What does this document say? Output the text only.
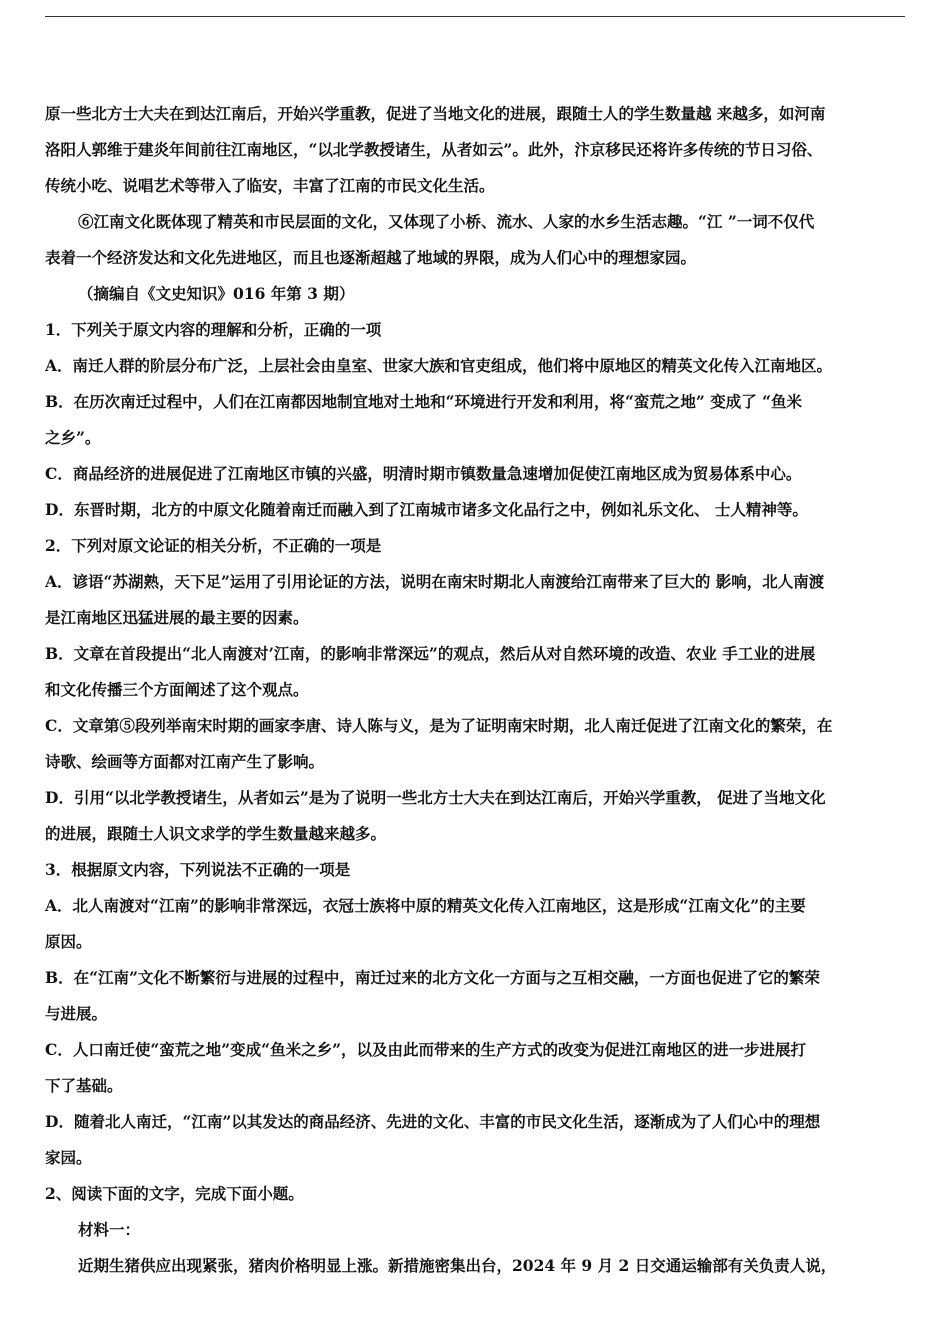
原一些北方士大夫在到达江南后，开始兴学重教，促进了当地文化的进展，跟随士人的学生数量越 来越多，如河南
洛阳人郭维于建炎年间前往江南地区，“以北学教授诸生，从者如云”。此外，汴京移民还将许多传统的节日习俗、
传统小吃、说唱艺术等带入了临安，丰富了江南的市民文化生活。
⑥江南文化既体现了精英和市民层面的文化，又体现了小桥、流水、人家的水乡生活志趣。“江 ”一词不仅代
表着一个经济发达和文化先进地区，而且也逐渐超越了地域的界限，成为人们心中的理想家园。
（摘编自《文史知识》016 年第 3 期）
1．下列关于原文内容的理解和分析，正确的一项
A．南迁人群的阶层分布广泛，上层社会由皇室、世家大族和官吏组成，他们将中原地区的精英文化传入江南地区。
B．在历次南迁过程中，人们在江南都因地制宜地对土地和“环境进行开发和利用，将“蛮荒之地” 变成了 “鱼米
之乡”。
C．商品经济的进展促进了江南地区市镇的兴盛，明清时期市镇数量急速增加促使江南地区成为贸易体系中心。
D．东晋时期，北方的中原文化随着南迁而融入到了江南城市诸多文化品行之中，例如礼乐文化、 士人精神等。
2．下列对原文论证的相关分析，不正确的一项是
A．谚语“苏湖熟，天下足”运用了引用论证的方法，说明在南宋时期北人南渡给江南带来了巨大的 影响，北人南渡
是江南地区迅猛进展的最主要的因素。
B．文章在首段提出“北人南渡对’江南，的影响非常深远”的观点，然后从对自然环境的改造、农业 手工业的进展
和文化传播三个方面阐述了这个观点。
C．文章第⑤段列举南宋时期的画家李唐、诗人陈与义，是为了证明南宋时期，北人南迁促进了江南文化的繁荣，在
诗歌、绘画等方面都对江南产生了影响。
D．引用“以北学教授诸生，从者如云”是为了说明一些北方士大夫在到达江南后，开始兴学重教， 促进了当地文化
的进展，跟随士人识文求学的学生数量越来越多。
3．根据原文内容，下列说法不正确的一项是
A．北人南渡对“江南”的影响非常深远，衣冠士族将中原的精英文化传入江南地区，这是形成“江南文化”的主要
原因。
B．在“江南”文化不断繁衍与进展的过程中，南迁过来的北方文化一方面与之互相交融，一方面也促进了它的繁荣
与进展。
C．人口南迁使“蛮荒之地”变成“鱼米之乡”，以及由此而带来的生产方式的改变为促进江南地区的进一步进展打
下了基础。
D．随着北人南迁，“江南”以其发达的商品经济、先进的文化、丰富的市民文化生活，逐渐成为了人们心中的理想
家园。
2、阅读下面的文字，完成下面小题。
材料一：
近期生猪供应出现紧张，猪肉价格明显上涨。新措施密集出台，2024 年 9 月 2 日交通运输部有关负责人说，
